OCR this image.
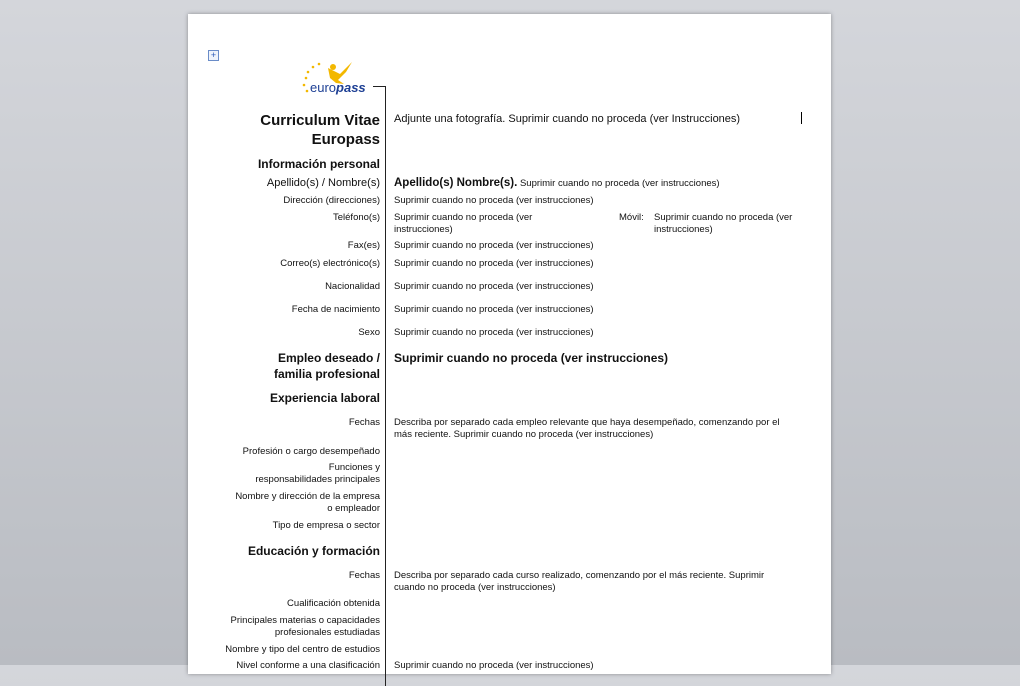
+
europass
Curriculum Vitae
Europass
Adjunte una fotografía. Suprimir cuando no proceda (ver Instrucciones)
Información personal
Apellido(s) / Nombre(s) Apellido(s) Nombre(s). Suprimir cuando no proceda (ver instrucciones)
Dirección (direcciones) Suprimir cuando no proceda (ver instrucciones)
Teléfono(s) Suprimir cuando no proceda (ver instrucciones)
Móvil:	Suprimir cuando no proceda (ver instrucciones)
Fax(es) Suprimir cuando no proceda (ver instrucciones)
Correo(s) electrónico(s) Suprimir cuando no proceda (ver instrucciones)
Nacionalidad Suprimir cuando no proceda (ver instrucciones)
Fecha de nacimiento Suprimir cuando no proceda (ver instrucciones)
Sexo Suprimir cuando no proceda (ver instrucciones)
Empleo deseado / familia profesional
Suprimir cuando no proceda (ver instrucciones)
Experiencia laboral
Fechas Describa por separado cada empleo relevante que haya desempeñado, comenzando por el más reciente. Suprimir cuando no proceda (ver instrucciones)
Profesión o cargo desempeñado
Funciones y responsabilidades principales
Nombre y dirección de la empresa o empleador
Tipo de empresa o sector
Educación y formación
Fechas Describa por separado cada curso realizado, comenzando por el más reciente. Suprimir cuando no proceda (ver instrucciones)
Cualificación obtenida
Principales materias o capacidades profesionales estudiadas
Nombre y tipo del centro de estudios
Nivel conforme a una clasificación Suprimir cuando no proceda (ver instrucciones)
